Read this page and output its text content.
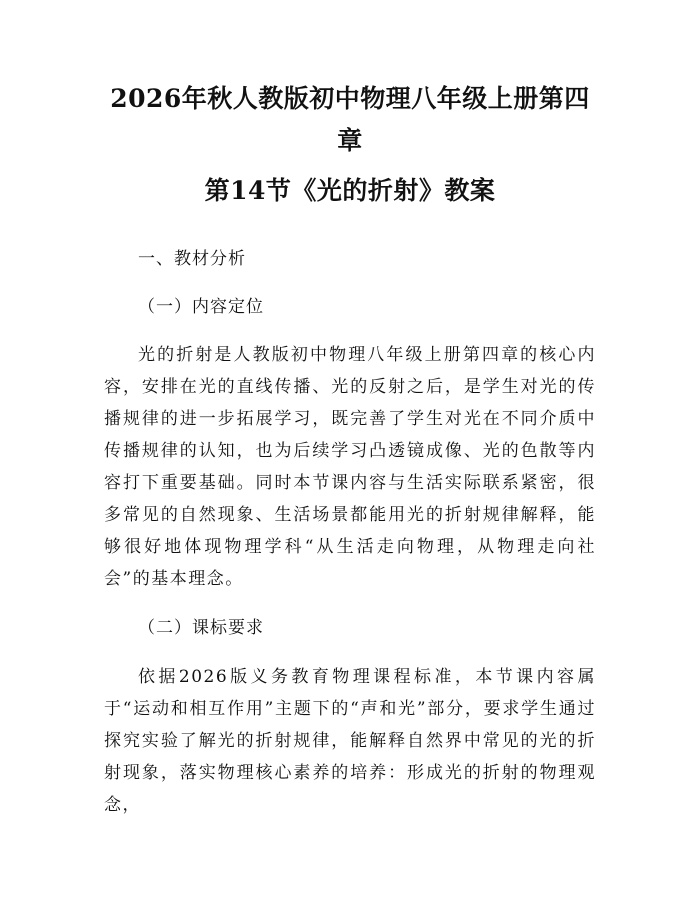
2026年秋人教版初中物理八年级上册第四章
第14节《光的折射》教案

一、教材分析

（一）内容定位

光的折射是人教版初中物理八年级上册第四章的核心内容，安排在光的直线传播、光的反射之后，是学生对光的传播规律的进一步拓展学习，既完善了学生对光在不同介质中传播规律的认知，也为后续学习凸透镜成像、光的色散等内容打下重要基础。同时本节课内容与生活实际联系紧密，很多常见的自然现象、生活场景都能用光的折射规律解释，能够很好地体现物理学科“从生活走向物理，从物理走向社会”的基本理念。

（二）课标要求

依据2026版义务教育物理课程标准，本节课内容属于“运动和相互作用”主题下的“声和光”部分，要求学生通过探究实验了解光的折射规律，能解释自然界中常见的光的折射现象，落实物理核心素养的培养：形成光的折射的物理观念，
